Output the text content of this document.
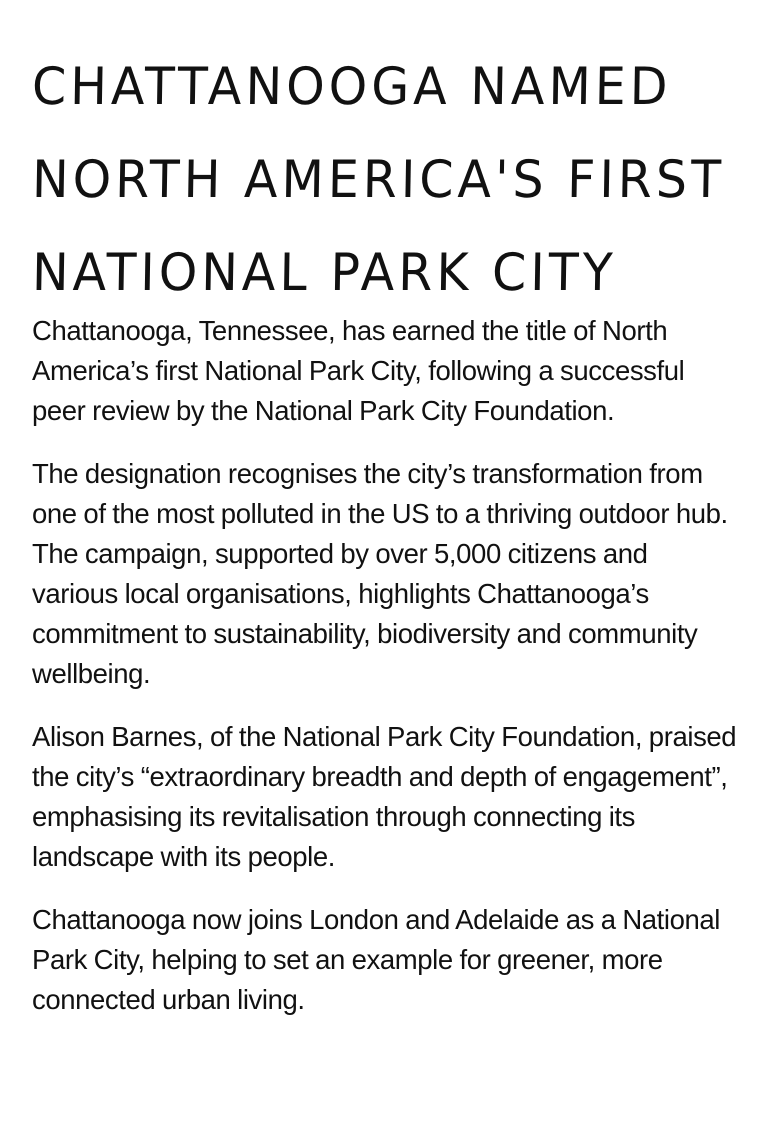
CHATTANOOGA NAMED
NORTH AMERICA'S FIRST
NATIONAL PARK CITY

Chattanooga, Tennessee, has earned the title of North America’s first National Park City, following a successful peer review by the National Park City Foundation.

The designation recognises the city’s transformation from one of the most polluted in the US to a thriving outdoor hub. The campaign, supported by over 5,000 citizens and various local organisations, highlights Chattanooga’s commitment to sustainability, biodiversity and community wellbeing.

Alison Barnes, of the National Park City Foundation, praised the city’s “extraordinary breadth and depth of engagement”, emphasising its revitalisation through connecting its landscape with its people.

Chattanooga now joins London and Adelaide as a National Park City, helping to set an example for greener, more connected urban living.
